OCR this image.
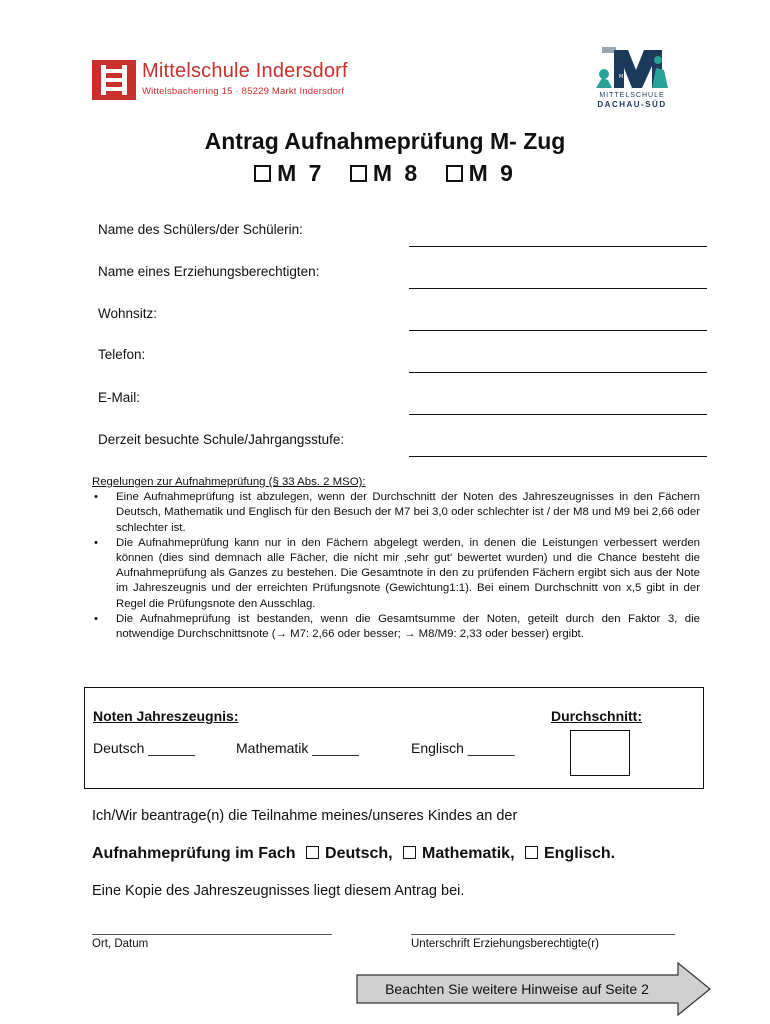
Mittelschule Indersdorf
Wittelsbacherring 15 · 85229 Markt Indersdorf
M
MITTELSCHULE
DACHAU-SÜD
Antrag Aufnahmeprüfung M- Zug
M 7
M 8
M 9
Name des Schülers/der Schülerin:
Name eines Erziehungsberechtigten:
Wohnsitz:
Telefon:
E-Mail:
Derzeit besuchte Schule/Jahrgangsstufe:
Regelungen zur Aufnahmeprüfung (§ 33 Abs. 2 MSO):
• Eine Aufnahmeprüfung ist abzulegen, wenn der Durchschnitt der Noten des Jahreszeugnisses in den Fächern Deutsch, Mathematik und Englisch für den Besuch der M7 bei 3,0 oder schlechter ist / der M8 und M9 bei 2,66 oder schlechter ist.
• Die Aufnahmeprüfung kann nur in den Fächern abgelegt werden, in denen die Leistungen verbessert werden können (dies sind demnach alle Fächer, die nicht mir ‚sehr gut' bewertet wurden) und die Chance besteht die Aufnahmeprüfung als Ganzes zu bestehen. Die Gesamtnote in den zu prüfenden Fächern ergibt sich aus der Note im Jahreszeugnis und der erreichten Prüfungsnote (Gewichtung1:1). Bei einem Durchschnitt von x,5 gibt in der Regel die Prüfungsnote den Ausschlag.
• Die Aufnahmeprüfung ist bestanden, wenn die Gesamtsumme der Noten, geteilt durch den Faktor 3, die notwendige Durchschnittsnote (→ M7: 2,66 oder besser; → M8/M9: 2,33 oder besser) ergibt.
Noten Jahreszeugnis:	Durchschnitt:
Deutsch ______	Mathematik ______	Englisch ______
Ich/Wir beantrage(n) die Teilnahme meines/unseres Kindes an der
Aufnahmeprüfung im Fach Deutsch, Mathematik, Englisch.
Eine Kopie des Jahreszeugnisses liegt diesem Antrag bei.
Ort, Datum	Unterschrift Erziehungsberechtigte(r)
Beachten Sie weitere Hinweise auf Seite 2
